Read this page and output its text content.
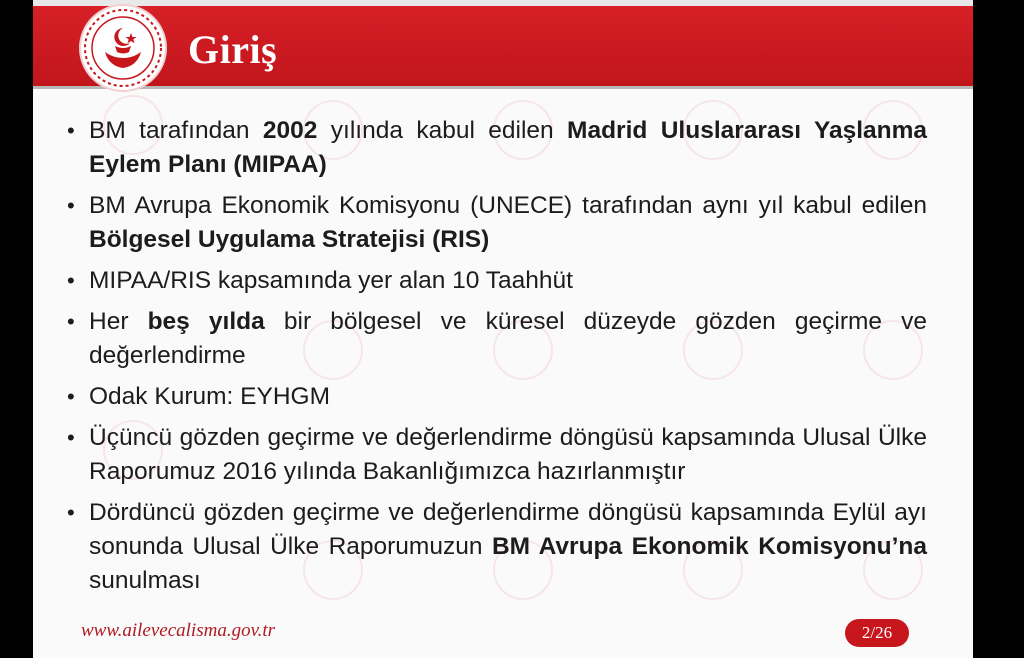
Giriş
• BM tarafından 2002 yılında kabul edilen Madrid Uluslararası Yaşlanma Eylem Planı (MIPAA)
• BM Avrupa Ekonomik Komisyonu (UNECE) tarafından aynı yıl kabul edilen Bölgesel Uygulama Stratejisi (RIS)
• MIPAA/RIS kapsamında yer alan 10 Taahhüt
• Her beş yılda bir bölgesel ve küresel düzeyde gözden geçirme ve değerlendirme
• Odak Kurum: EYHGM
• Üçüncü gözden geçirme ve değerlendirme döngüsü kapsamında Ulusal Ülke Raporumuz 2016 yılında Bakanlığımızca hazırlanmıştır
• Dördüncü gözden geçirme ve değerlendirme döngüsü kapsamında Eylül ayı sonunda Ulusal Ülke Raporumuzun BM Avrupa Ekonomik Komisyonu’na sunulması
www.ailevecalisma.gov.tr	2/26
